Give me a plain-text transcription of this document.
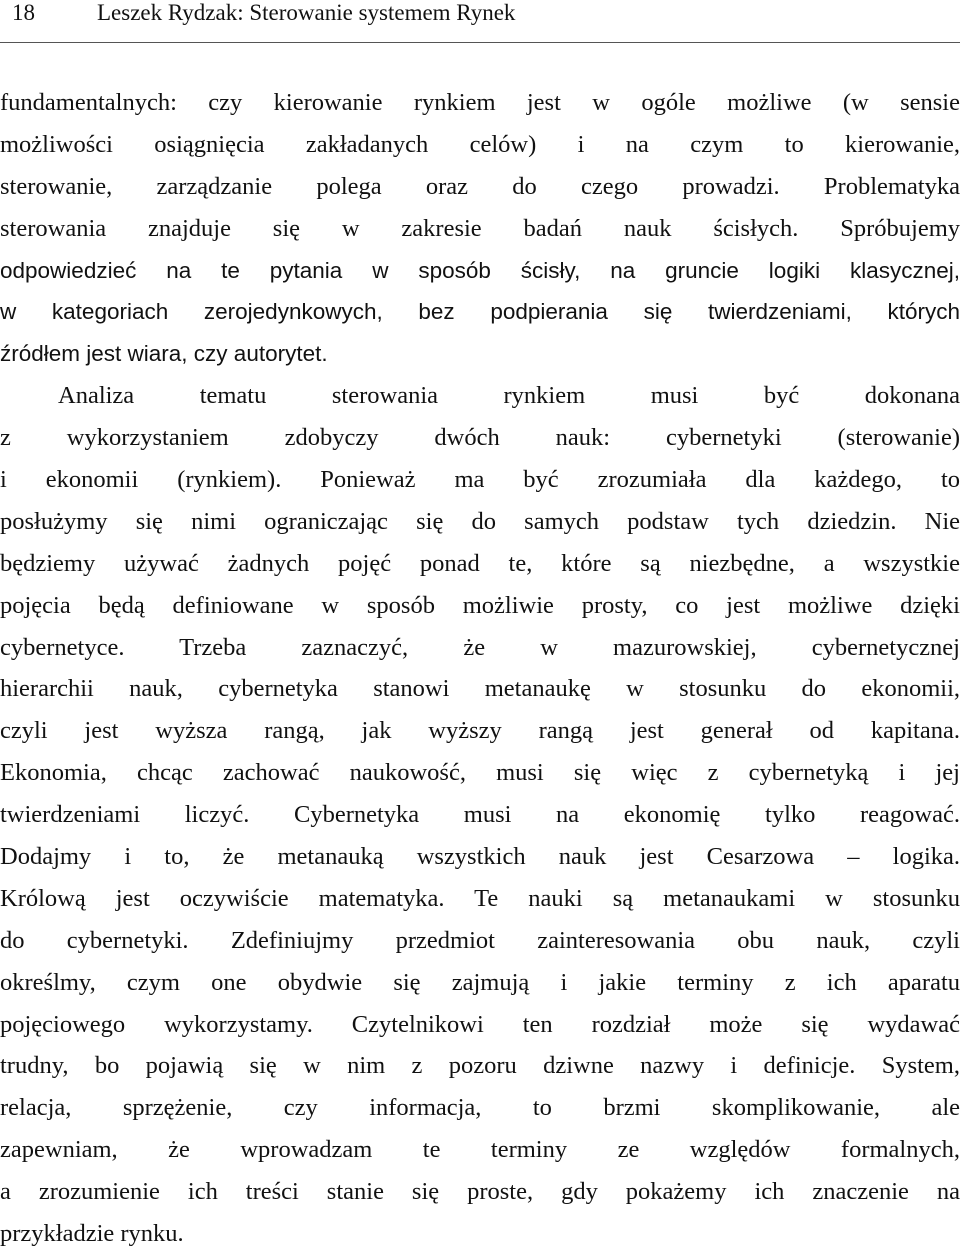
18	Leszek Rydzak: Sterowanie systemem Rynek
fundamentalnych: czy kierowanie rynkiem jest w ogóle możliwe (w sensie
możliwości osiągnięcia zakładanych celów) i na czym to kierowanie,
sterowanie, zarządzanie polega oraz do czego prowadzi. Problematyka
sterowania znajduje się w zakresie badań nauk ścisłych. Spróbujemy
odpowiedzieć na te pytania w sposób ścisły, na gruncie logiki klasycznej,
w kategoriach zerojedynkowych, bez podpierania się twierdzeniami, których
źródłem jest wiara, czy autorytet.
Analiza tematu sterowania rynkiem musi być dokonana
z wykorzystaniem zdobyczy dwóch nauk: cybernetyki (sterowanie)
i ekonomii (rynkiem). Ponieważ ma być zrozumiała dla każdego, to
posłużymy się nimi ograniczając się do samych podstaw tych dziedzin. Nie
będziemy używać żadnych pojęć ponad te, które są niezbędne, a wszystkie
pojęcia będą definiowane w sposób możliwie prosty, co jest możliwe dzięki
cybernetyce. Trzeba zaznaczyć, że w mazurowskiej, cybernetycznej
hierarchii nauk, cybernetyka stanowi metanaukę w stosunku do ekonomii,
czyli jest wyższa rangą, jak wyższy rangą jest generał od kapitana.
Ekonomia, chcąc zachować naukowość, musi się więc z cybernetyką i jej
twierdzeniami liczyć. Cybernetyka musi na ekonomię tylko reagować.
Dodajmy i to, że metanauką wszystkich nauk jest Cesarzowa – logika.
Królową jest oczywiście matematyka. Te nauki są metanaukami w stosunku
do cybernetyki. Zdefiniujmy przedmiot zainteresowania obu nauk, czyli
określmy, czym one obydwie się zajmują i jakie terminy z ich aparatu
pojęciowego wykorzystamy. Czytelnikowi ten rozdział może się wydawać
trudny, bo pojawią się w nim z pozoru dziwne nazwy i definicje. System,
relacja, sprzężenie, czy informacja, to brzmi skomplikowanie, ale
zapewniam, że wprowadzam te terminy ze względów formalnych,
a zrozumienie ich treści stanie się proste, gdy pokażemy ich znaczenie na
przykładzie rynku.
